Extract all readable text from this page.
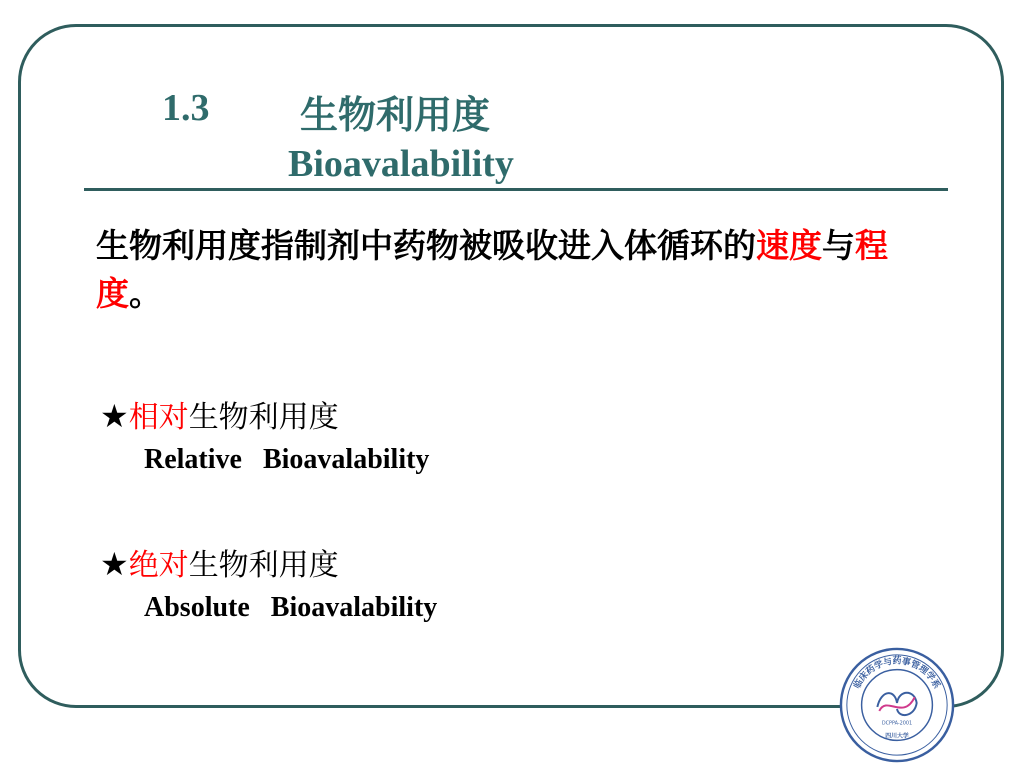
1.3 生物利用度
Bioavalability
生物利用度指制剂中药物被吸收进入体循环的速度与程度。
★相对生物利用度
Relative   Bioavalability
★绝对生物利用度
Absolute   Bioavalability
临床药学与药事管理学系
DCPPA-2001
四川大学
